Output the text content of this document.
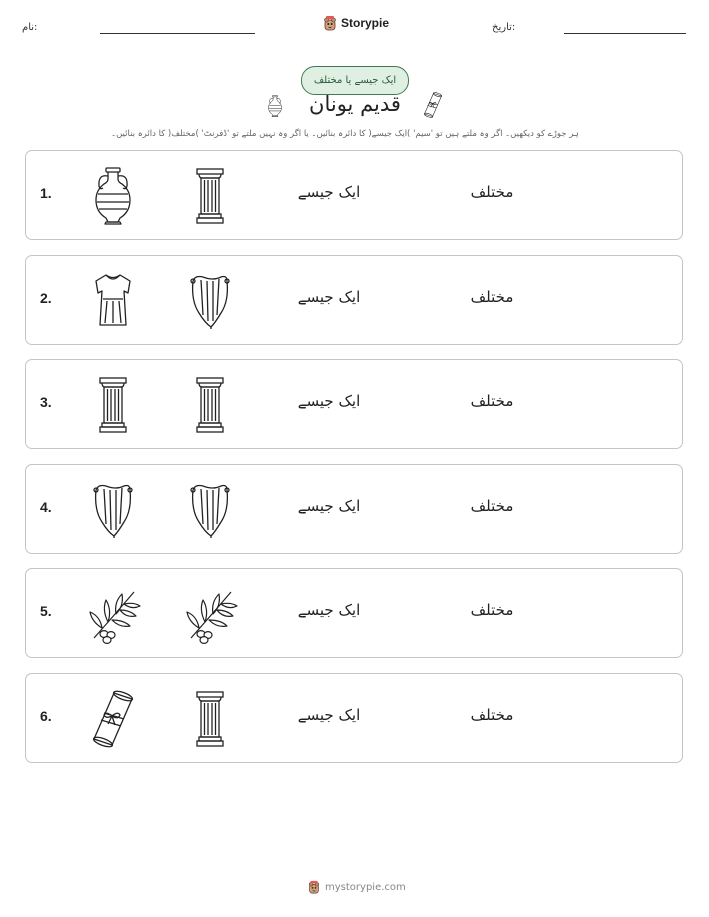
نام:	Storypie	تاریخ:
ایک جیسے یا مختلف
قدیم یونان
ہر جوڑے کو دیکھیں۔ اگر وہ ملتے ہیں تو 'سیم' )ایک جیسے( کا دائرہ بنائیں۔ یا اگر وہ نہیں ملتے تو 'ڈفرنٹ' )مختلف( کا دائرہ بنائیں۔
1.	ایک جیسے	مختلف
2.	ایک جیسے	مختلف
3.	ایک جیسے	مختلف
4.	ایک جیسے	مختلف
5.	ایک جیسے	مختلف
6.	ایک جیسے	مختلف
mystorypie.com
